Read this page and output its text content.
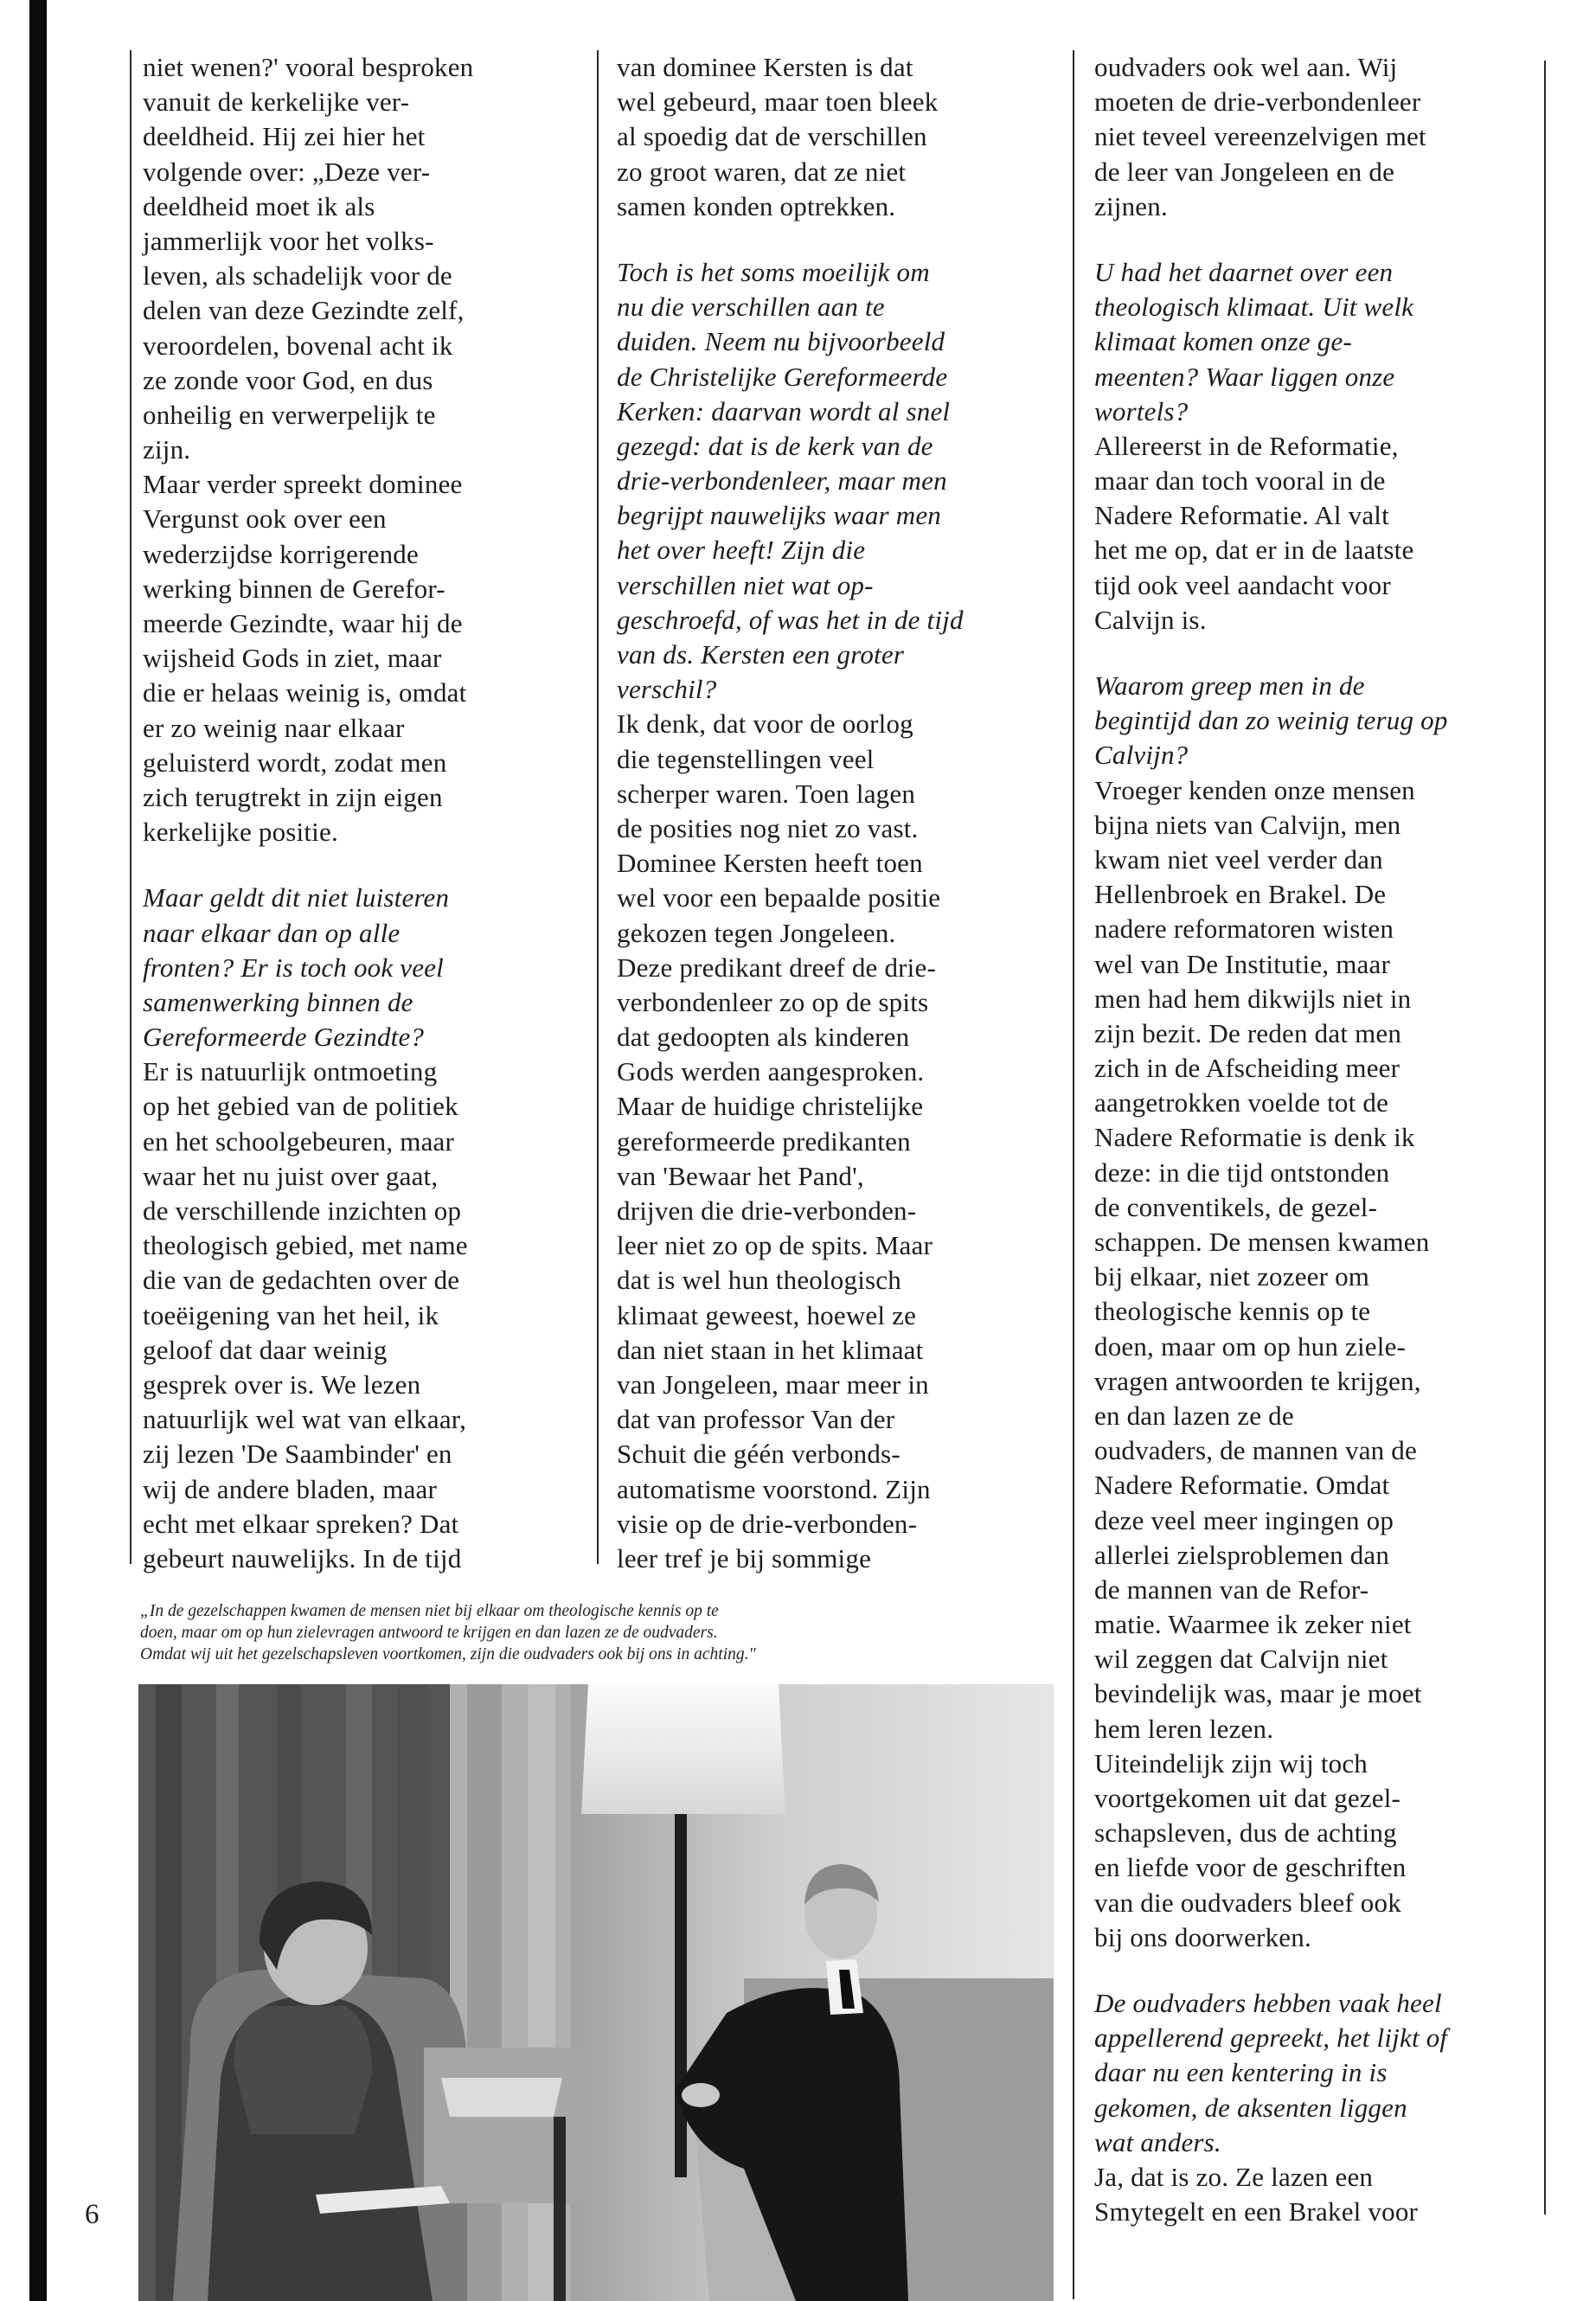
niet wenen?' vooral besproken
vanuit de kerkelijke ver-
deeldheid. Hij zei hier het
volgende over: „Deze ver-
deeldheid moet ik als
jammerlijk voor het volks-
leven, als schadelijk voor de
delen van deze Gezindte zelf,
veroordelen, bovenal acht ik
ze zonde voor God, en dus
onheilig en verwerpelijk te
zijn.
Maar verder spreekt dominee
Vergunst ook over een
wederzijdse korrigerende
werking binnen de Gerefor-
meerde Gezindte, waar hij de
wijsheid Gods in ziet, maar
die er helaas weinig is, omdat
er zo weinig naar elkaar
geluisterd wordt, zodat men
zich terugtrekt in zijn eigen
kerkelijke positie.
Maar geldt dit niet luisteren
naar elkaar dan op alle
fronten? Er is toch ook veel
samenwerking binnen de
Gereformeerde Gezindte?
Er is natuurlijk ontmoeting
op het gebied van de politiek
en het schoolgebeuren, maar
waar het nu juist over gaat,
de verschillende inzichten op
theologisch gebied, met name
die van de gedachten over de
toeëigening van het heil, ik
geloof dat daar weinig
gesprek over is. We lezen
natuurlijk wel wat van elkaar,
zij lezen 'De Saambinder' en
wij de andere bladen, maar
echt met elkaar spreken? Dat
gebeurt nauwelijks. In de tijd
van dominee Kersten is dat
wel gebeurd, maar toen bleek
al spoedig dat de verschillen
zo groot waren, dat ze niet
samen konden optrekken.
Toch is het soms moeilijk om
nu die verschillen aan te
duiden. Neem nu bijvoorbeeld
de Christelijke Gereformeerde
Kerken: daarvan wordt al snel
gezegd: dat is de kerk van de
drie-verbondenleer, maar men
begrijpt nauwelijks waar men
het over heeft! Zijn die
verschillen niet wat op-
geschroefd, of was het in de tijd
van ds. Kersten een groter
verschil?
Ik denk, dat voor de oorlog
die tegenstellingen veel
scherper waren. Toen lagen
de posities nog niet zo vast.
Dominee Kersten heeft toen
wel voor een bepaalde positie
gekozen tegen Jongeleen.
Deze predikant dreef de drie-
verbondenleer zo op de spits
dat gedoopten als kinderen
Gods werden aangesproken.
Maar de huidige christelijke
gereformeerde predikanten
van 'Bewaar het Pand',
drijven die drie-verbonden-
leer niet zo op de spits. Maar
dat is wel hun theologisch
klimaat geweest, hoewel ze
dan niet staan in het klimaat
van Jongeleen, maar meer in
dat van professor Van der
Schuit die géén verbonds-
automatisme voorstond. Zijn
visie op de drie-verbonden-
leer tref je bij sommige
oudvaders ook wel aan. Wij
moeten de drie-verbondenleer
niet teveel vereenzelvigen met
de leer van Jongeleen en de
zijnen.
U had het daarnet over een
theologisch klimaat. Uit welk
klimaat komen onze ge-
meenten? Waar liggen onze
wortels?
Allereerst in de Reformatie,
maar dan toch vooral in de
Nadere Reformatie. Al valt
het me op, dat er in de laatste
tijd ook veel aandacht voor
Calvijn is.
Waarom greep men in de
begintijd dan zo weinig terug op
Calvijn?
Vroeger kenden onze mensen
bijna niets van Calvijn, men
kwam niet veel verder dan
Hellenbroek en Brakel. De
nadere reformatoren wisten
wel van De Institutie, maar
men had hem dikwijls niet in
zijn bezit. De reden dat men
zich in de Afscheiding meer
aangetrokken voelde tot de
Nadere Reformatie is denk ik
deze: in die tijd ontstonden
de conventikels, de gezel-
schappen. De mensen kwamen
bij elkaar, niet zozeer om
theologische kennis op te
doen, maar om op hun ziele-
vragen antwoorden te krijgen,
en dan lazen ze de
oudvaders, de mannen van de
Nadere Reformatie. Omdat
deze veel meer ingingen op
allerlei zielsproblemen dan
de mannen van de Refor-
matie. Waarmee ik zeker niet
wil zeggen dat Calvijn niet
bevindelijk was, maar je moet
hem leren lezen.
Uiteindelijk zijn wij toch
voortgekomen uit dat gezel-
schapsleven, dus de achting
en liefde voor de geschriften
van die oudvaders bleef ook
bij ons doorwerken.
De oudvaders hebben vaak heel
appellerend gepreekt, het lijkt of
daar nu een kentering in is
gekomen, de aksenten liggen
wat anders.
Ja, dat is zo. Ze lazen een
Smytegelt en een Brakel voor
„In de gezelschappen kwamen de mensen niet bij elkaar om theologische kennis op te
doen, maar om op hun zielevragen antwoord te krijgen en dan lazen ze de oudvaders.
Omdat wij uit het gezelschapsleven voortkomen, zijn die oudvaders ook bij ons in achting."
6
